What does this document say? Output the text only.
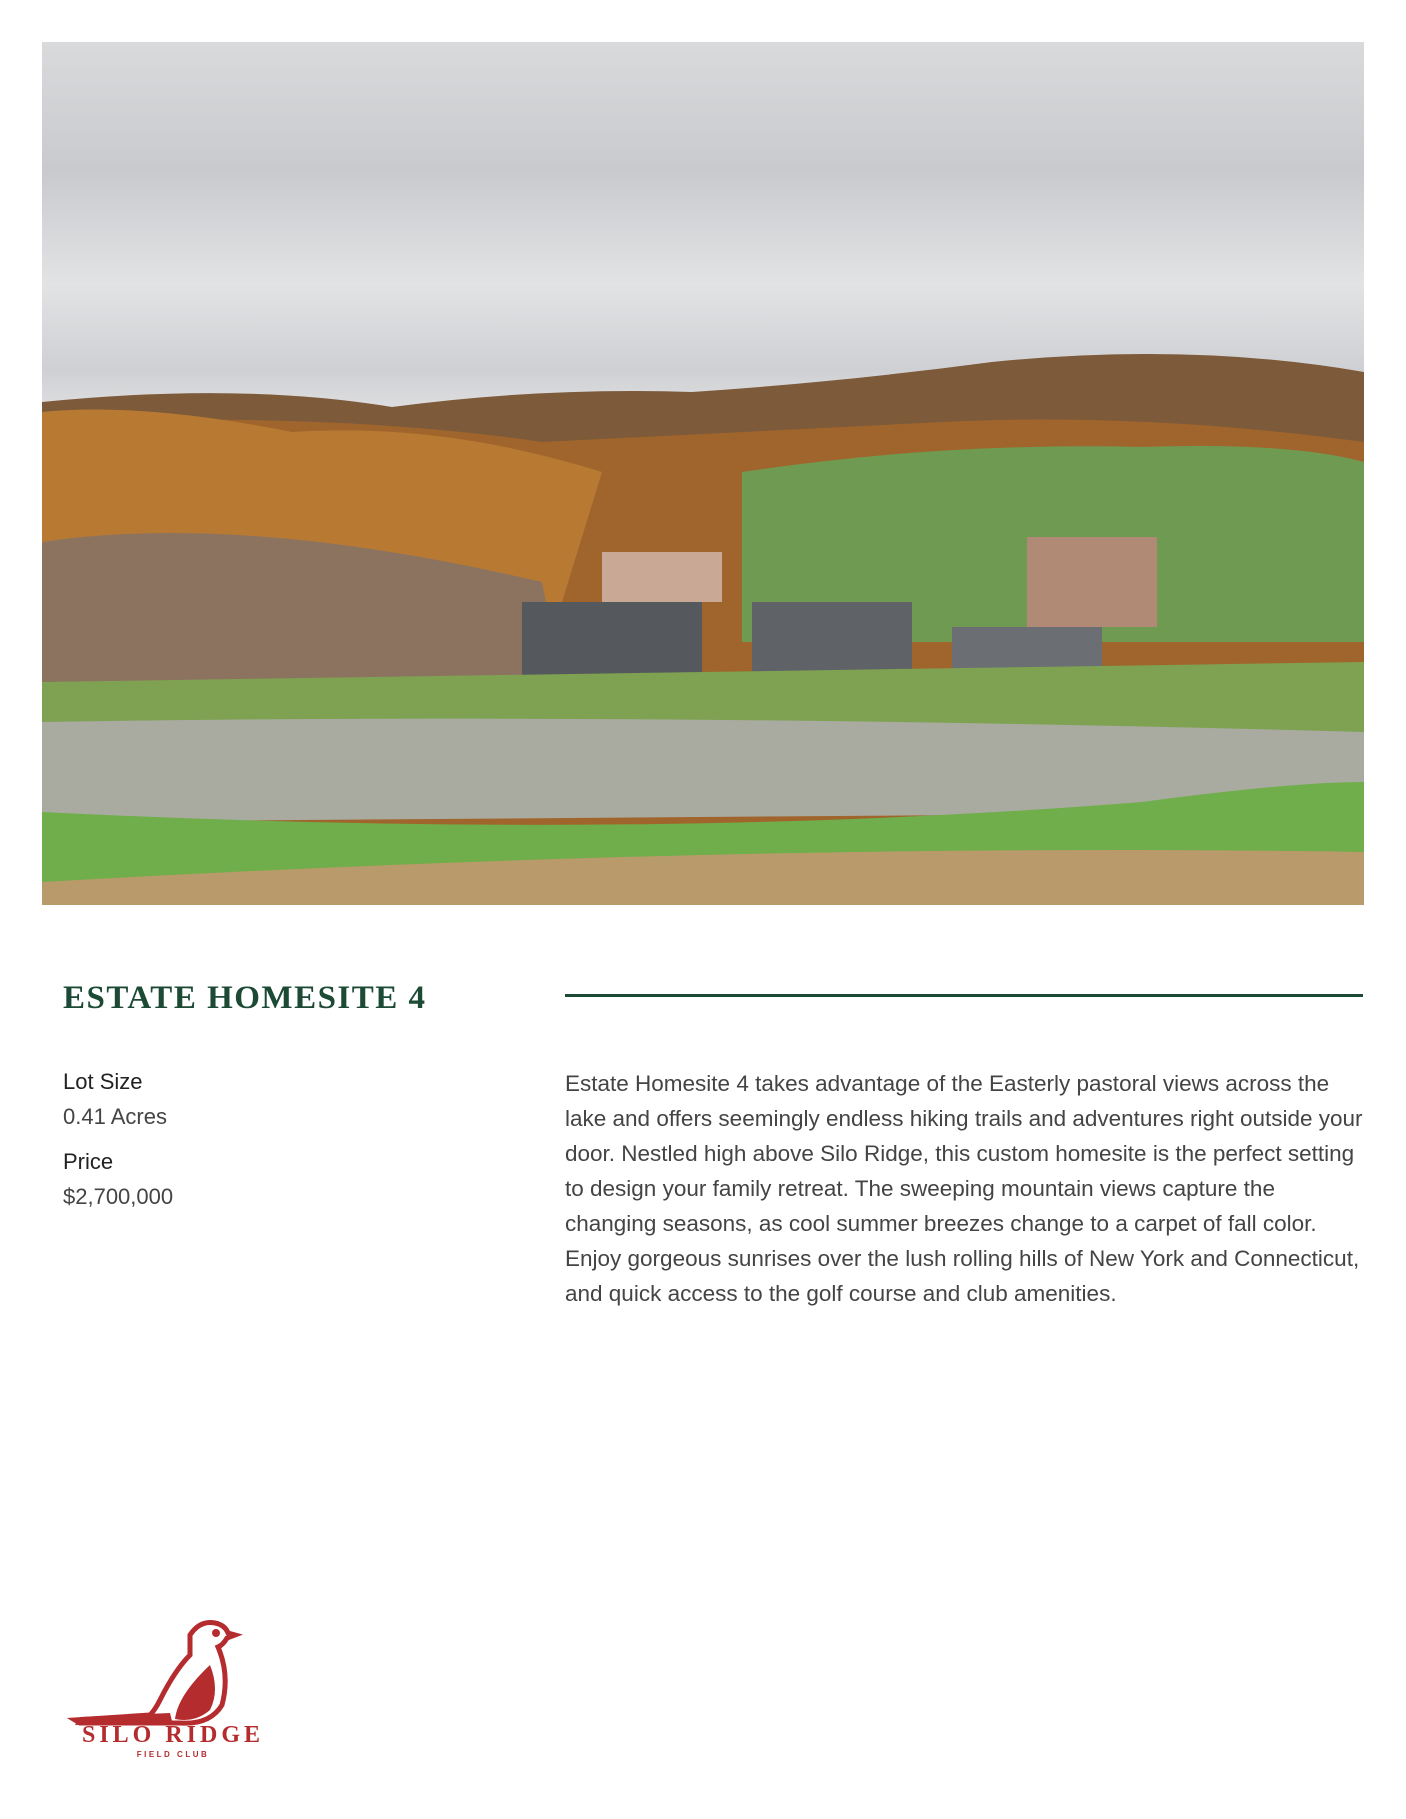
ESTATE HOMESITE 4
Lot Size
0.41 Acres
Price
$2,700,000

Estate Homesite 4 takes advantage of the Easterly pastoral views across the lake and offers seemingly endless hiking trails and adventures right outside your door. Nestled high above Silo Ridge, this custom homesite is the perfect setting to design your family retreat. The sweeping mountain views capture the changing seasons, as cool summer breezes change to a carpet of fall color. Enjoy gorgeous sunrises over the lush rolling hills of New York and Connecticut, and quick access to the golf course and club amenities.

SILO RIDGE
FIELD CLUB
